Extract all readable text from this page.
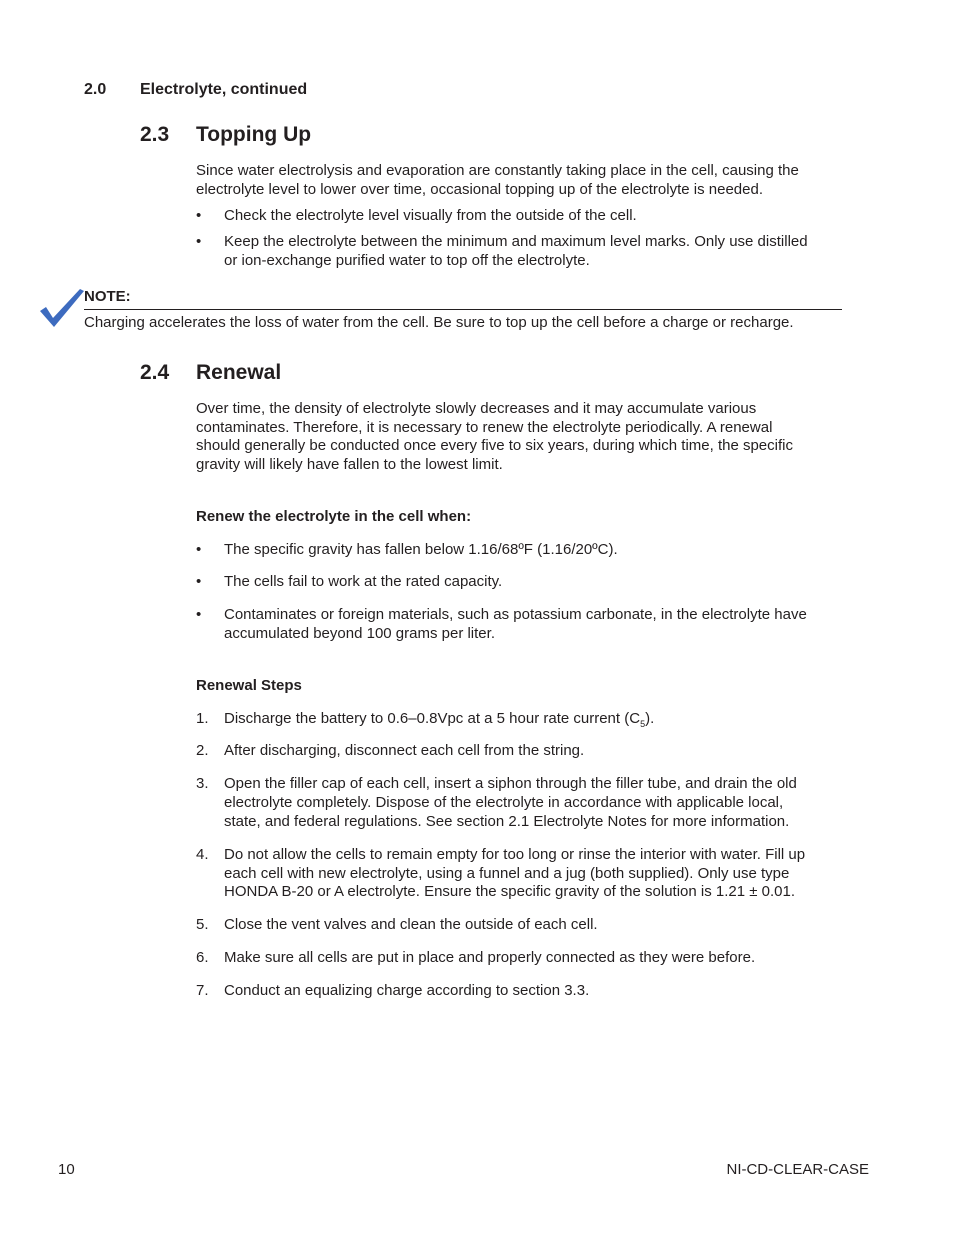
2.0 Electrolyte, continued
2.3 Topping Up
Since water electrolysis and evaporation are constantly taking place in the cell, causing the
electrolyte level to lower over time, occasional topping up of the electrolyte is needed.
• Check the electrolyte level visually from the outside of the cell.
• Keep the electrolyte between the minimum and maximum level marks. Only use distilled
or ion-exchange purified water to top off the electrolyte.
NOTE:
Charging accelerates the loss of water from the cell. Be sure to top up the cell before a charge or recharge.
2.4 Renewal
Over time, the density of electrolyte slowly decreases and it may accumulate various
contaminates. Therefore, it is necessary to renew the electrolyte periodically. A renewal
should generally be conducted once every five to six years, during which time, the specific
gravity will likely have fallen to the lowest limit.
Renew the electrolyte in the cell when:
• The specific gravity has fallen below 1.16/68ºF (1.16/20ºC).
• The cells fail to work at the rated capacity.
• Contaminates or foreign materials, such as potassium carbonate, in the electrolyte have
accumulated beyond 100 grams per liter.
Renewal Steps
1. Discharge the battery to 0.6–0.8Vpc at a 5 hour rate current $(C_5)$.
2. After discharging, disconnect each cell from the string.
3. Open the filler cap of each cell, insert a siphon through the filler tube, and drain the old
electrolyte completely. Dispose of the electrolyte in accordance with applicable local,
state, and federal regulations. See section 2.1 Electrolyte Notes for more information.
4. Do not allow the cells to remain empty for too long or rinse the interior with water. Fill up
each cell with new electrolyte, using a funnel and a jug (both supplied). Only use type
HONDA B-20 or A electrolyte. Ensure the specific gravity of the solution is 1.21 ± 0.01.
5. Close the vent valves and clean the outside of each cell.
6. Make sure all cells are put in place and properly connected as they were before.
7. Conduct an equalizing charge according to section 3.3.
10	NI-CD-CLEAR-CASE
